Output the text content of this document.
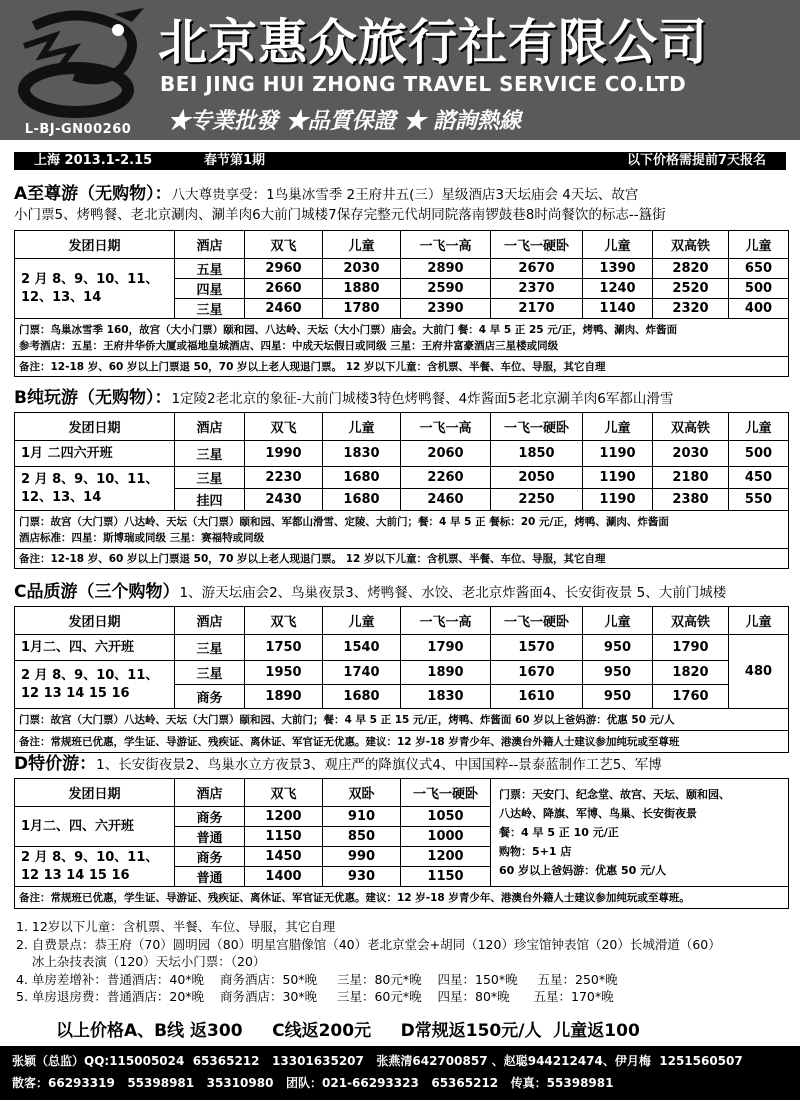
L-BJ-GN00260
北京惠众旅行社有限公司
BEI JING HUI ZHONG TRAVEL SERVICE CO.LTD
★专業批發 ★品質保證 ★ 諮詢熱線
上海 2013.1-2.15	春节第1期	以下价格需提前7天报名
A至尊游（无购物）：八大尊贵享受：1鸟巢冰雪季 2王府井五(三）星级酒店3天坛庙会 4天坛、故宫
小门票5、烤鸭餐、老北京涮肉、涮羊肉6大前门城楼7保存完整元代胡同院落南锣鼓巷8时尚餐饮的标志--簋街
发团日期	酒店	双飞	儿童	一飞一高	一飞一硬卧	儿童	双高铁	儿童
2 月 8、9、10、11、12、13、14	五星	2960	2030	2890	2670	1390	2820	650
	四星	2660	1880	2590	2370	1240	2520	500
	三星	2460	1780	2390	2170	1140	2320	400

门票：鸟巢冰雪季 160，故宫（大小门票）颐和园、八达岭、天坛（大小门票）庙会。大前门 餐：4 早 5 正 25 元/正，烤鸭、涮肉、炸酱面
参考酒店：五星：王府井华侨大厦或福地皇城酒店、四星：中成天坛假日或同级 三星：王府井富豪酒店三星楼或同级								

备注：12-18 岁、60 岁以上门票退 50，70 岁以上老人现退门票。 12 岁以下儿童：含机票、半餐、车位、导服，其它自理								
B纯玩游（无购物）：1定陵2老北京的象征-大前门城楼3特色烤鸭餐、4炸酱面5老北京涮羊肉6军都山滑雪
发团日期	酒店	双飞	儿童	一飞一高	一飞一硬卧	儿童	双高铁	儿童
1月 二四六开班	三星	1990	1830	2060	1850	1190	2030	500
2 月 8、9、10、11、12、13、14	三星	2230	1680	2260	2050	1190	2180	450
	挂四	2430	1680	2460	2250	1190	2380	550

门票：故宫（大门票）八达岭、天坛（大门票）颐和园、军都山滑雪、定陵、大前门；餐：4 早 5 正 餐标：20 元/正，烤鸭、涮肉、炸酱面
酒店标准：四星：斯博瑞或同级 三星：赛福特或同级								

备注：12-18 岁、60 岁以上门票退 50，70 岁以上老人现退门票。 12 岁以下儿童：含机票、半餐、车位、导服，其它自理								
C品质游（三个购物）1、游天坛庙会2、鸟巢夜景3、烤鸭餐、水饺、老北京炸酱面4、长安街夜景 5、大前门城楼
发团日期	酒店	双飞	儿童	一飞一高	一飞一硬卧	儿童	双高铁	儿童
1月二、四、六开班	三星	1750	1540	1790	1570	950	1790	480
2 月 8、9、10、11、12 13 14 15 16	三星	1950	1740	1890	1670	950	1820	
	商务	1890	1680	1830	1610	950	1760	
门票：故宫（大门票）八达岭、天坛（大门票）颐和园、大前门；餐：4 早 5 正 15 元/正，烤鸭、炸酱面 60 岁以上爸妈游：优惠 50 元/人								
备注：常规班已优惠，学生证、导游证、残疾证、离休证、军官证无优惠。建议：12 岁-18 岁青少年、港澳台外籍人士建议参加纯玩或至尊班								
D特价游：1、长安街夜景2、鸟巢水立方夜景3、观庄严的降旗仪式4、中国国粹--景泰蓝制作工艺5、军博
发团日期	酒店	双飞	双卧	一飞一硬卧	门票：天安门、纪念堂、故宫、天坛、颐和园、
八达岭、降旗、军博、鸟巢、长安街夜景
餐：4 早 5 正 10 元/正
购物：5+1 店
60 岁以上爸妈游：优惠 50 元/人

1月二、四、六开班	商务	1200	910	1050	
	普通	1150	850	1000	
2 月 8、9、10、11、12 13 14 15 16	商务	1450	990	1200	
	普通	1400	930	1150	
备注：常规班已优惠，学生证、导游证、残疾证、离休证、军官证无优惠。建议：12 岁-18 岁青少年、港澳台外籍人士建议参加纯玩或至尊班。					
1. 12岁以下儿童：含机票、半餐、车位、导服，其它自理
2. 自费景点：恭王府（70）圆明园（80）明星宫腊像馆（40）老北京堂会+胡同（120）珍宝馆钟表馆（20）长城滑道（60）
冰上杂技表演（120）天坛小门票：（20）
4. 单房差增补：普通酒店：40*晚    商务酒店：50*晚     三星：80元*晚    四星：150*晚     五星：250*晚
5. 单房退房费：普通酒店：20*晚    商务酒店：30*晚     三星：60元*晚    四星：80*晚      五星：170*晚
以上价格A、B线 返300     C线返200元     D常规返150元/人  儿童返100
张颖（总监）QQ:115005024  65365212   13301635207   张燕清642700857 、赵聪944212474、伊月梅  1251560507
散客：66293319   55398981   35310980   团队：021-66293323   65365212   传真：55398981
